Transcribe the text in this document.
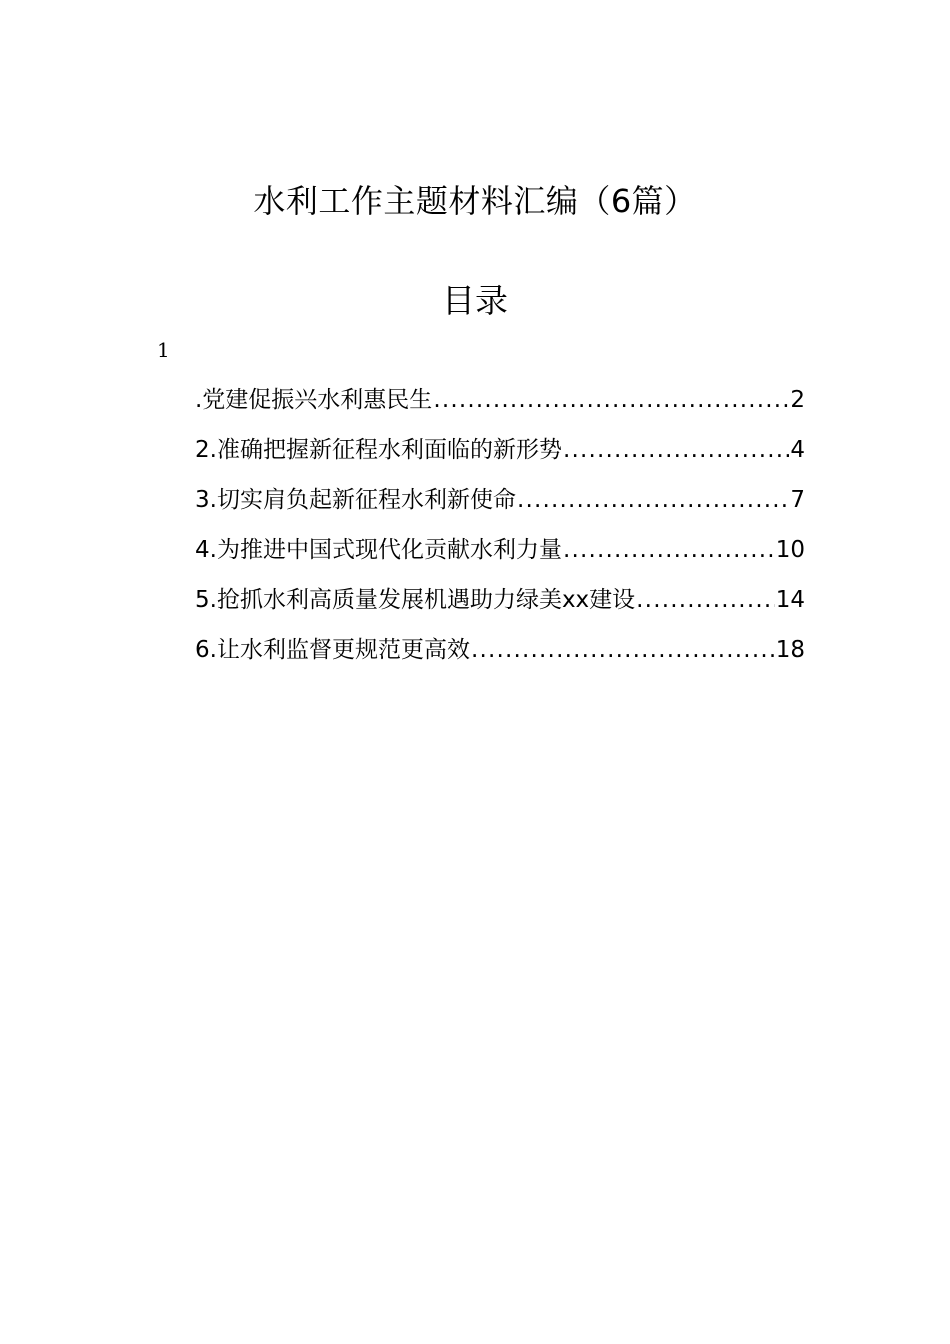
水利工作主题材料汇编（6篇）
目录
1
.党建促振兴水利惠民生 .....	2
2.准确把握新征程水利面临的新形势 .....	4
3.切实肩负起新征程水利新使命 .....	7
4.为推进中国式现代化贡献水利力量 .....	10
5.抢抓水利高质量发展机遇助力绿美xx建设 .....	14
6.让水利监督更规范更高效 .....	18
